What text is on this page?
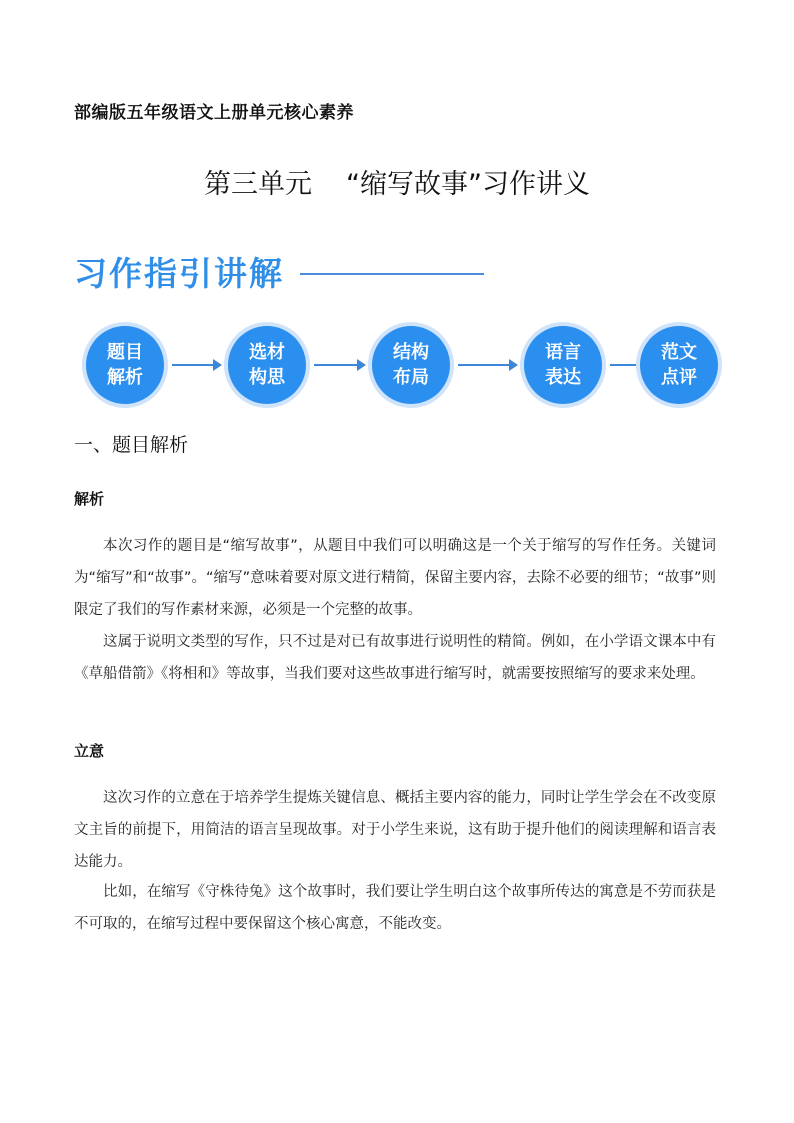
部编版五年级语文上册单元核心素养
第三单元 “缩写故事”习作讲义
习作指引讲解
题目解析
选材构思
结构布局
语言表达
范文点评
一、题目解析
解析

本次习作的题目是“缩写故事”，从题目中我们可以明确这是一个关于缩写的写作任务。关键词为“缩写”和“故事”。“缩写”意味着要对原文进行精简，保留主要内容，去除不必要的细节；“故事”则限定了我们的写作素材来源，必须是一个完整的故事。

这属于说明文类型的写作，只不过是对已有故事进行说明性的精简。例如，在小学语文课本中有《草船借箭》《将相和》等故事，当我们要对这些故事进行缩写时，就需要按照缩写的要求来处理。

立意

这次习作的立意在于培养学生提炼关键信息、概括主要内容的能力，同时让学生学会在不改变原文主旨的前提下，用简洁的语言呈现故事。对于小学生来说，这有助于提升他们的阅读理解和语言表达能力。

比如，在缩写《守株待兔》这个故事时，我们要让学生明白这个故事所传达的寓意是不劳而获是不可取的，在缩写过程中要保留这个核心寓意，不能改变。
